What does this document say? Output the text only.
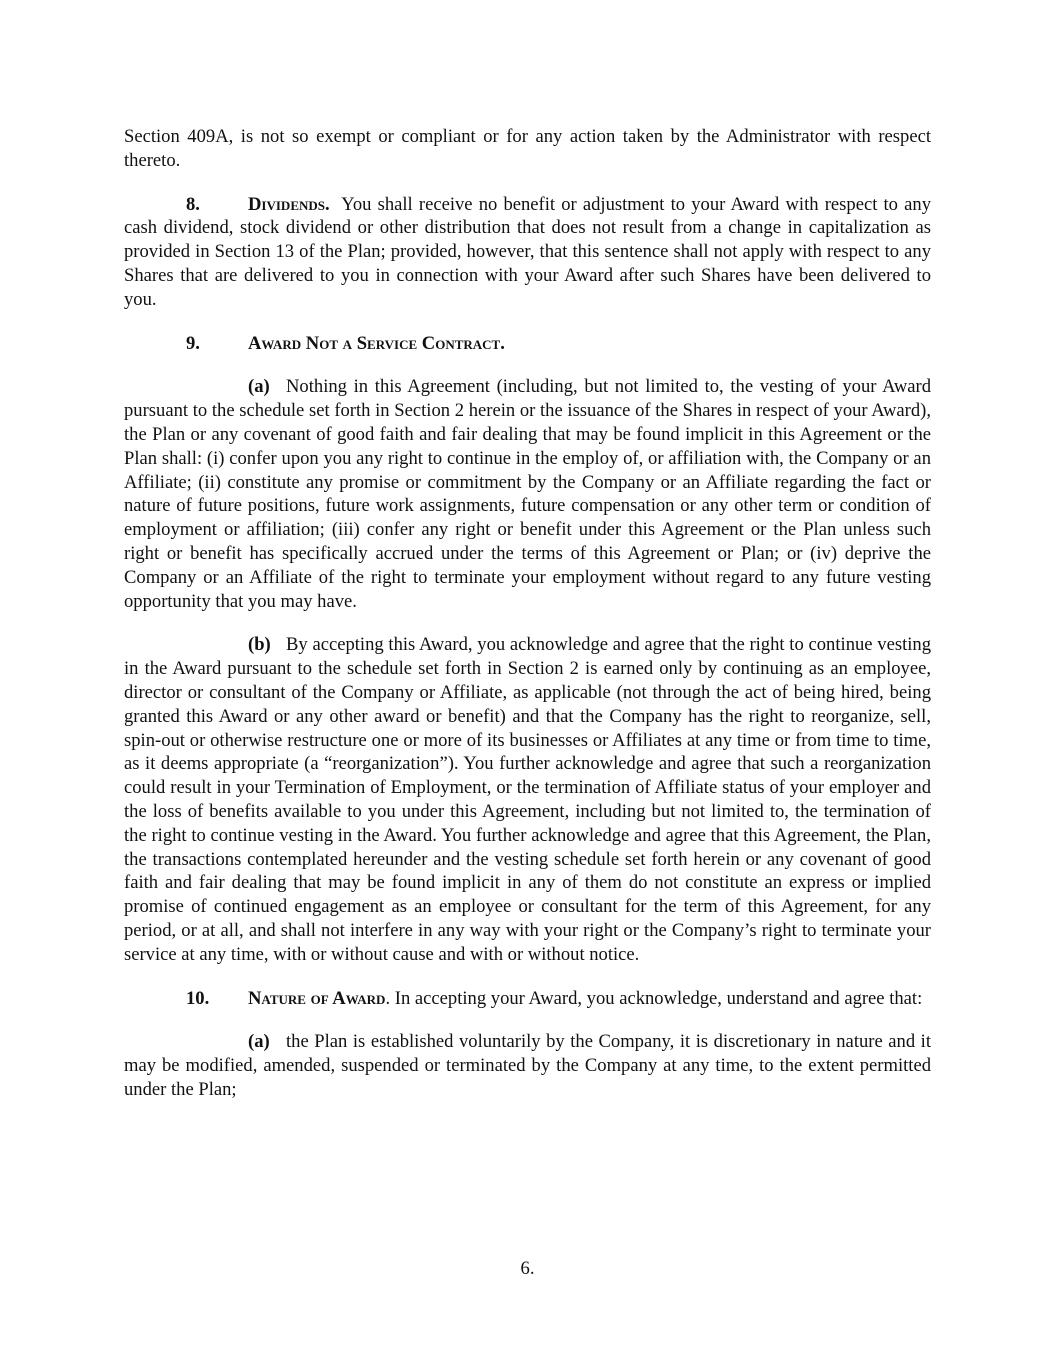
Section 409A, is not so exempt or compliant or for any action taken by the Administrator with respect thereto.

8.	Dividends. You shall receive no benefit or adjustment to your Award with respect to any cash dividend, stock dividend or other distribution that does not result from a change in capitalization as provided in Section 13 of the Plan; provided, however, that this sentence shall not apply with respect to any Shares that are delivered to you in connection with your Award after such Shares have been delivered to you.

9.	Award Not a Service Contract.

(a) Nothing in this Agreement (including, but not limited to, the vesting of your Award pursuant to the schedule set forth in Section 2 herein or the issuance of the Shares in respect of your Award), the Plan or any covenant of good faith and fair dealing that may be found implicit in this Agreement or the Plan shall: (i) confer upon you any right to continue in the employ of, or affiliation with, the Company or an Affiliate; (ii) constitute any promise or commitment by the Company or an Affiliate regarding the fact or nature of future positions, future work assignments, future compensation or any other term or condition of employment or affiliation; (iii) confer any right or benefit under this Agreement or the Plan unless such right or benefit has specifically accrued under the terms of this Agreement or Plan; or (iv) deprive the Company or an Affiliate of the right to terminate your employment without regard to any future vesting opportunity that you may have.

(b) By accepting this Award, you acknowledge and agree that the right to continue vesting in the Award pursuant to the schedule set forth in Section 2 is earned only by continuing as an employee, director or consultant of the Company or Affiliate, as applicable (not through the act of being hired, being granted this Award or any other award or benefit) and that the Company has the right to reorganize, sell, spin-out or otherwise restructure one or more of its businesses or Affiliates at any time or from time to time, as it deems appropriate (a “reorganization”). You further acknowledge and agree that such a reorganization could result in your Termination of Employment, or the termination of Affiliate status of your employer and the loss of benefits available to you under this Agreement, including but not limited to, the termination of the right to continue vesting in the Award. You further acknowledge and agree that this Agreement, the Plan, the transactions contemplated hereunder and the vesting schedule set forth herein or any covenant of good faith and fair dealing that may be found implicit in any of them do not constitute an express or implied promise of continued engagement as an employee or consultant for the term of this Agreement, for any period, or at all, and shall not interfere in any way with your right or the Company’s right to terminate your service at any time, with or without cause and with or without notice.

10. Nature of Award. In accepting your Award, you acknowledge, understand and agree that:

(a) the Plan is established voluntarily by the Company, it is discretionary in nature and it may be modified, amended, suspended or terminated by the Company at any time, to the extent permitted under the Plan;

6.
